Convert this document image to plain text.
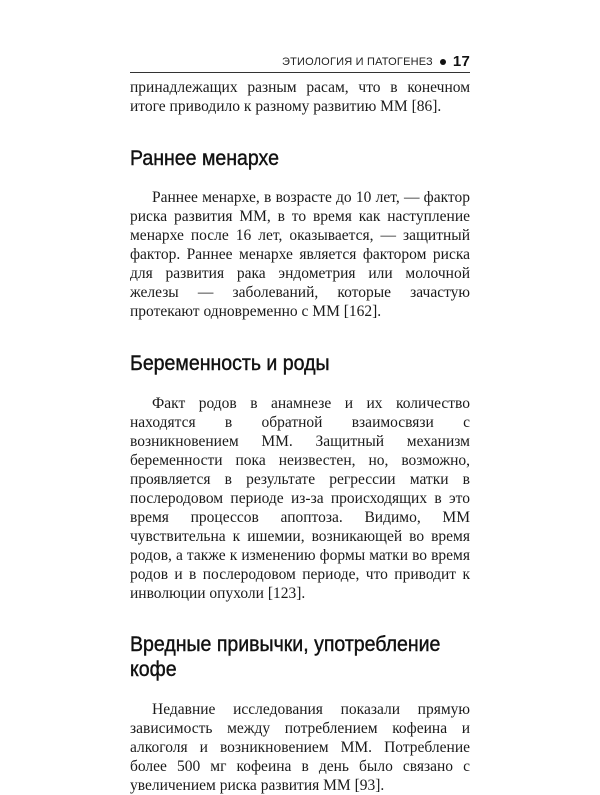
ЭТИОЛОГИЯ И ПАТОГЕНЕЗ 17

принадлежащих разным расам, что в конечном итоге приводило к разному развитию ММ [86].

Раннее менархе

Раннее менархе, в возрасте до 10 лет, — фактор риска развития ММ, в то время как наступление менархе после 16 лет, оказывается, — защитный фактор. Раннее менархе является фактором риска для развития рака эндометрия или молочной железы — заболеваний, которые зачастую протекают одновременно с ММ [162].

Беременность и роды

Факт родов в анамнезе и их количество находятся в обратной взаимосвязи с возникновением ММ. Защитный механизм беременности пока неизвестен, но, возможно, проявляется в результате регрессии матки в послеродовом периоде из-за происходящих в это время процессов апоптоза. Видимо, ММ чувствительна к ишемии, возникающей во время родов, а также к изменению формы матки во время родов и в послеродовом периоде, что приводит к инволюции опухоли [123].

Вредные привычки, употребление кофе

Недавние исследования показали прямую зависимость между потреблением кофеина и алкоголя и возникновением ММ. Потребление более 500 мг кофеина в день было связано с увеличением риска развития ММ [93].
